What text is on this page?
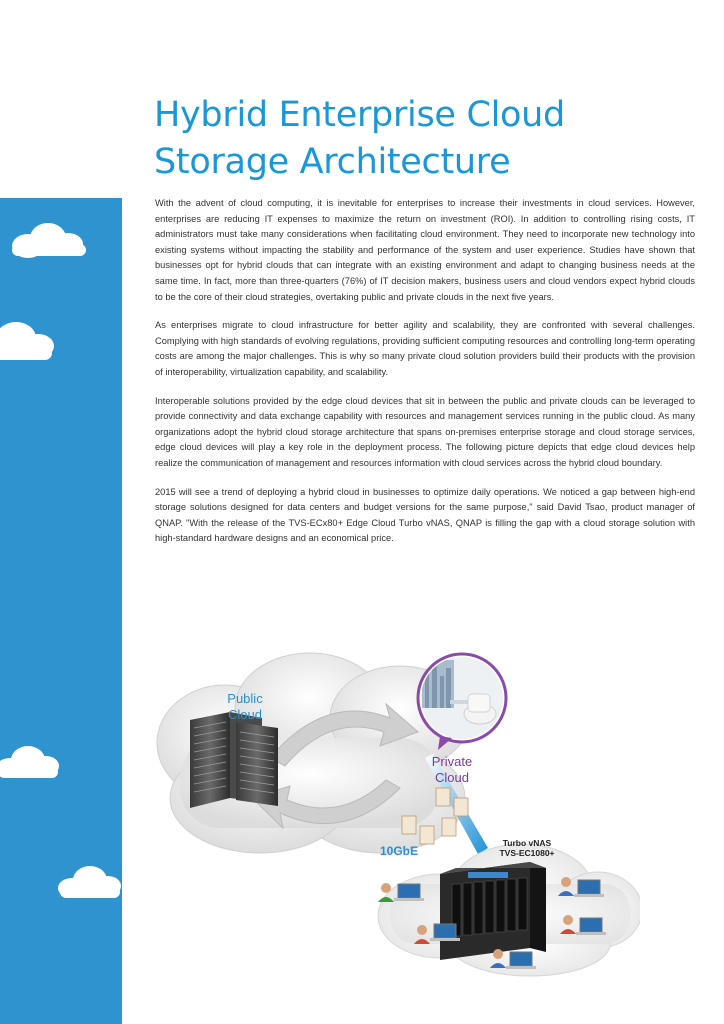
Hybrid Enterprise Cloud Storage Architecture

With the advent of cloud computing, it is inevitable for enterprises to increase their investments in cloud services. However, enterprises are reducing IT expenses to maximize the return on investment (ROI). In addition to controlling rising costs, IT administrators must take many considerations when facilitating cloud environment. They need to incorporate new technology into existing systems without impacting the stability and performance of the system and user experience. Studies have shown that businesses opt for hybrid clouds that can integrate with an existing environment and adapt to changing business needs at the same time. In fact, more than three-quarters (76%) of IT decision makers, business users and cloud vendors expect hybrid clouds to be the core of their cloud strategies, overtaking public and private clouds in the next five years.

As enterprises migrate to cloud infrastructure for better agility and scalability, they are confronted with several challenges. Complying with high standards of evolving regulations, providing sufficient computing resources and controlling long-term operating costs are among the major challenges. This is why so many private cloud solution providers build their products with the provision of interoperability, virtualization capability, and scalability.

Interoperable solutions provided by the edge cloud devices that sit in between the public and private clouds can be leveraged to provide connectivity and data exchange capability with resources and management services running in the public cloud. As many organizations adopt the hybrid cloud storage architecture that spans on-premises enterprise storage and cloud storage services, edge cloud devices will play a key role in the deployment process. The following picture depicts that edge cloud devices help realize the communication of management and resources information with cloud services across the hybrid cloud boundary.

2015 will see a trend of deploying a hybrid cloud in businesses to optimize daily operations. We noticed a gap between high-end storage solutions designed for data centers and budget versions for the same purpose," said David Tsao, product manager of QNAP. "With the release of the TVS-ECx80+ Edge Cloud Turbo vNAS, QNAP is filling the gap with a cloud storage solution with high-standard hardware designs and an economical price.

Public
Cloud
Private
Cloud
10GbE
Turbo vNAS
TVS-EC1080+
